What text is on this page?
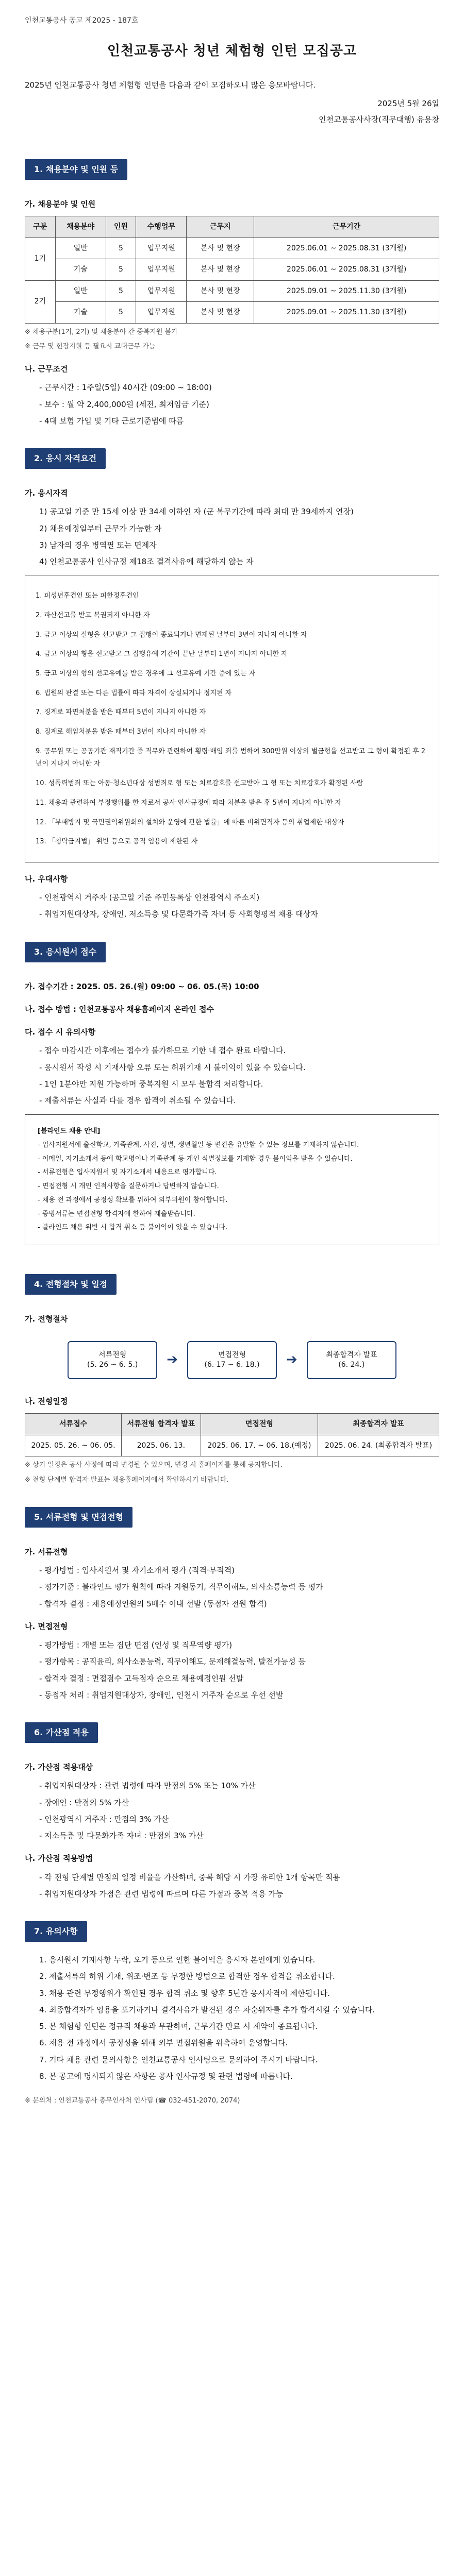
인천교통공사 공고 제2025 - 187호
인천교통공사 청년 체험형 인턴 모집공고

2025년 인천교통공사 청년 체험형 인턴을 다음과 같이 모집하오니 많은 응모바랍니다.

2025년 5월 26일

인천교통공사사장(직무대행) 유용창

1. 채용분야 및 인원 등
가. 채용분야 및 인원
구분	채용분야	인원	수행업무	근무지	근무기간
1기	일반	5	업무지원	본사 및 현장	2025.06.01 ~ 2025.08.31 (3개월)
	기술	5	업무지원	본사 및 현장	2025.06.01 ~ 2025.08.31 (3개월)
2기	일반	5	업무지원	본사 및 현장	2025.09.01 ~ 2025.11.30 (3개월)
	기술	5	업무지원	본사 및 현장	2025.09.01 ~ 2025.11.30 (3개월)

※ 채용구분(1기, 2기) 및 채용분야 간 중복지원 불가

※ 근무 및 현장지원 등 필요시 교대근무 가능

나. 근무조건

- 근무시간 : 1주일(5일) 40시간 (09:00 ~ 18:00)

- 보수 : 월 약 2,400,000원 (세전, 최저임금 기준)

- 4대 보험 가입 및 기타 근로기준법에 따름

2. 응시 자격요건
가. 응시자격

1) 공고일 기준 만 15세 이상 만 34세 이하인 자 (군 복무기간에 따라 최대 만 39세까지 연장)

2) 채용예정일부터 근무가 가능한 자

3) 남자의 경우 병역필 또는 면제자

4) 인천교통공사 인사규정 제18조 결격사유에 해당하지 않는 자

1. 피성년후견인 또는 피한정후견인

2. 파산선고를 받고 복권되지 아니한 자

3. 금고 이상의 실형을 선고받고 그 집행이 종료되거나 면제된 날부터 3년이 지나지 아니한 자

4. 금고 이상의 형을 선고받고 그 집행유예 기간이 끝난 날부터 1년이 지나지 아니한 자

5. 금고 이상의 형의 선고유예를 받은 경우에 그 선고유예 기간 중에 있는 자

6. 법원의 판결 또는 다른 법률에 따라 자격이 상실되거나 정지된 자

7. 징계로 파면처분을 받은 때부터 5년이 지나지 아니한 자

8. 징계로 해임처분을 받은 때부터 3년이 지나지 아니한 자

9. 공무원 또는 공공기관 재직기간 중 직무와 관련하여 횡령·배임 죄를 범하여 300만원 이상의 벌금형을 선고받고 그 형이 확정된 후 2년이 지나지 아니한 자

10. 성폭력범죄 또는 아동·청소년대상 성범죄로 형 또는 치료감호를 선고받아 그 형 또는 치료감호가 확정된 사람

11. 채용과 관련하여 부정행위를 한 자로서 공사 인사규정에 따라 처분을 받은 후 5년이 지나지 아니한 자

12. 「부패방지 및 국민권익위원회의 설치와 운영에 관한 법률」에 따른 비위면직자 등의 취업제한 대상자

13. 「청탁금지법」 위반 등으로 공직 임용이 제한된 자

나. 우대사항

- 인천광역시 거주자 (공고일 기준 주민등록상 인천광역시 주소지)

- 취업지원대상자, 장애인, 저소득층 및 다문화가족 자녀 등 사회형평적 채용 대상자

3. 응시원서 접수
가. 접수기간 : 2025. 05. 26.(월) 09:00 ~ 06. 05.(목) 10:00
나. 접수 방법 : 인천교통공사 채용홈페이지 온라인 접수
다. 접수 시 유의사항

- 접수 마감시간 이후에는 접수가 불가하므로 기한 내 접수 완료 바랍니다.

- 응시원서 작성 시 기재사항 오류 또는 허위기재 시 불이익이 있을 수 있습니다.

- 1인 1분야만 지원 가능하며 중복지원 시 모두 불합격 처리합니다.

- 제출서류는 사실과 다를 경우 합격이 취소될 수 있습니다.

[블라인드 채용 안내]

- 입사지원서에 출신학교, 가족관계, 사진, 성별, 생년월일 등 편견을 유발할 수 있는 정보를 기재하지 않습니다.

- 이메일, 자기소개서 등에 학교명이나 가족관계 등 개인 식별정보를 기재할 경우 불이익을 받을 수 있습니다.

- 서류전형은 입사지원서 및 자기소개서 내용으로 평가합니다.

- 면접전형 시 개인 인적사항을 질문하거나 답변하지 않습니다.

- 채용 전 과정에서 공정성 확보를 위하여 외부위원이 참여합니다.

- 증빙서류는 면접전형 합격자에 한하여 제출받습니다.

- 블라인드 채용 위반 시 합격 취소 등 불이익이 있을 수 있습니다.

4. 전형절차 및 일정
가. 전형절차
서류전형
(5. 26 ~ 6. 5.) ➔	면접전형
(6. 17 ~ 6. 18.) ➔	최종합격자 발표
(6. 24.)
나. 전형일정
서류접수	서류전형 합격자 발표	면접전형	최종합격자 발표
2025. 05. 26. ~ 06. 05.	2025. 06. 13.	2025. 06. 17. ~ 06. 18.(예정)	2025. 06. 24. (최종합격자 발표)

※ 상기 일정은 공사 사정에 따라 변경될 수 있으며, 변경 시 홈페이지를 통해 공지합니다.

※ 전형 단계별 합격자 발표는 채용홈페이지에서 확인하시기 바랍니다.

5. 서류전형 및 면접전형
가. 서류전형

- 평가방법 : 입사지원서 및 자기소개서 평가 (적격·부적격)

- 평가기준 : 블라인드 평가 원칙에 따라 지원동기, 직무이해도, 의사소통능력 등 평가

- 합격자 결정 : 채용예정인원의 5배수 이내 선발 (동점자 전원 합격)

나. 면접전형

- 평가방법 : 개별 또는 집단 면접 (인성 및 직무역량 평가)

- 평가항목 : 공직윤리, 의사소통능력, 직무이해도, 문제해결능력, 발전가능성 등

- 합격자 결정 : 면접점수 고득점자 순으로 채용예정인원 선발

- 동점자 처리 : 취업지원대상자, 장애인, 인천시 거주자 순으로 우선 선발

6. 가산점 적용
가. 가산점 적용대상

- 취업지원대상자 : 관련 법령에 따라 만점의 5% 또는 10% 가산

- 장애인 : 만점의 5% 가산

- 인천광역시 거주자 : 만점의 3% 가산

- 저소득층 및 다문화가족 자녀 : 만점의 3% 가산

나. 가산점 적용방법

- 각 전형 단계별 만점의 일정 비율을 가산하며, 중복 해당 시 가장 유리한 1개 항목만 적용

- 취업지원대상자 가점은 관련 법령에 따르며 다른 가점과 중복 적용 가능

7. 유의사항

1. 응시원서 기재사항 누락, 오기 등으로 인한 불이익은 응시자 본인에게 있습니다.

2. 제출서류의 허위 기재, 위조·변조 등 부정한 방법으로 합격한 경우 합격을 취소합니다.

3. 채용 관련 부정행위가 확인된 경우 합격 취소 및 향후 5년간 응시자격이 제한됩니다.

4. 최종합격자가 임용을 포기하거나 결격사유가 발견된 경우 차순위자를 추가 합격시킬 수 있습니다.

5. 본 체험형 인턴은 정규직 채용과 무관하며, 근무기간 만료 시 계약이 종료됩니다.

6. 채용 전 과정에서 공정성을 위해 외부 면접위원을 위촉하여 운영합니다.

7. 기타 채용 관련 문의사항은 인천교통공사 인사팀으로 문의하여 주시기 바랍니다.

8. 본 공고에 명시되지 않은 사항은 공사 인사규정 및 관련 법령에 따릅니다.

※ 문의처 : 인천교통공사 총무인사처 인사팀 (☎ 032-451-2070, 2074)
